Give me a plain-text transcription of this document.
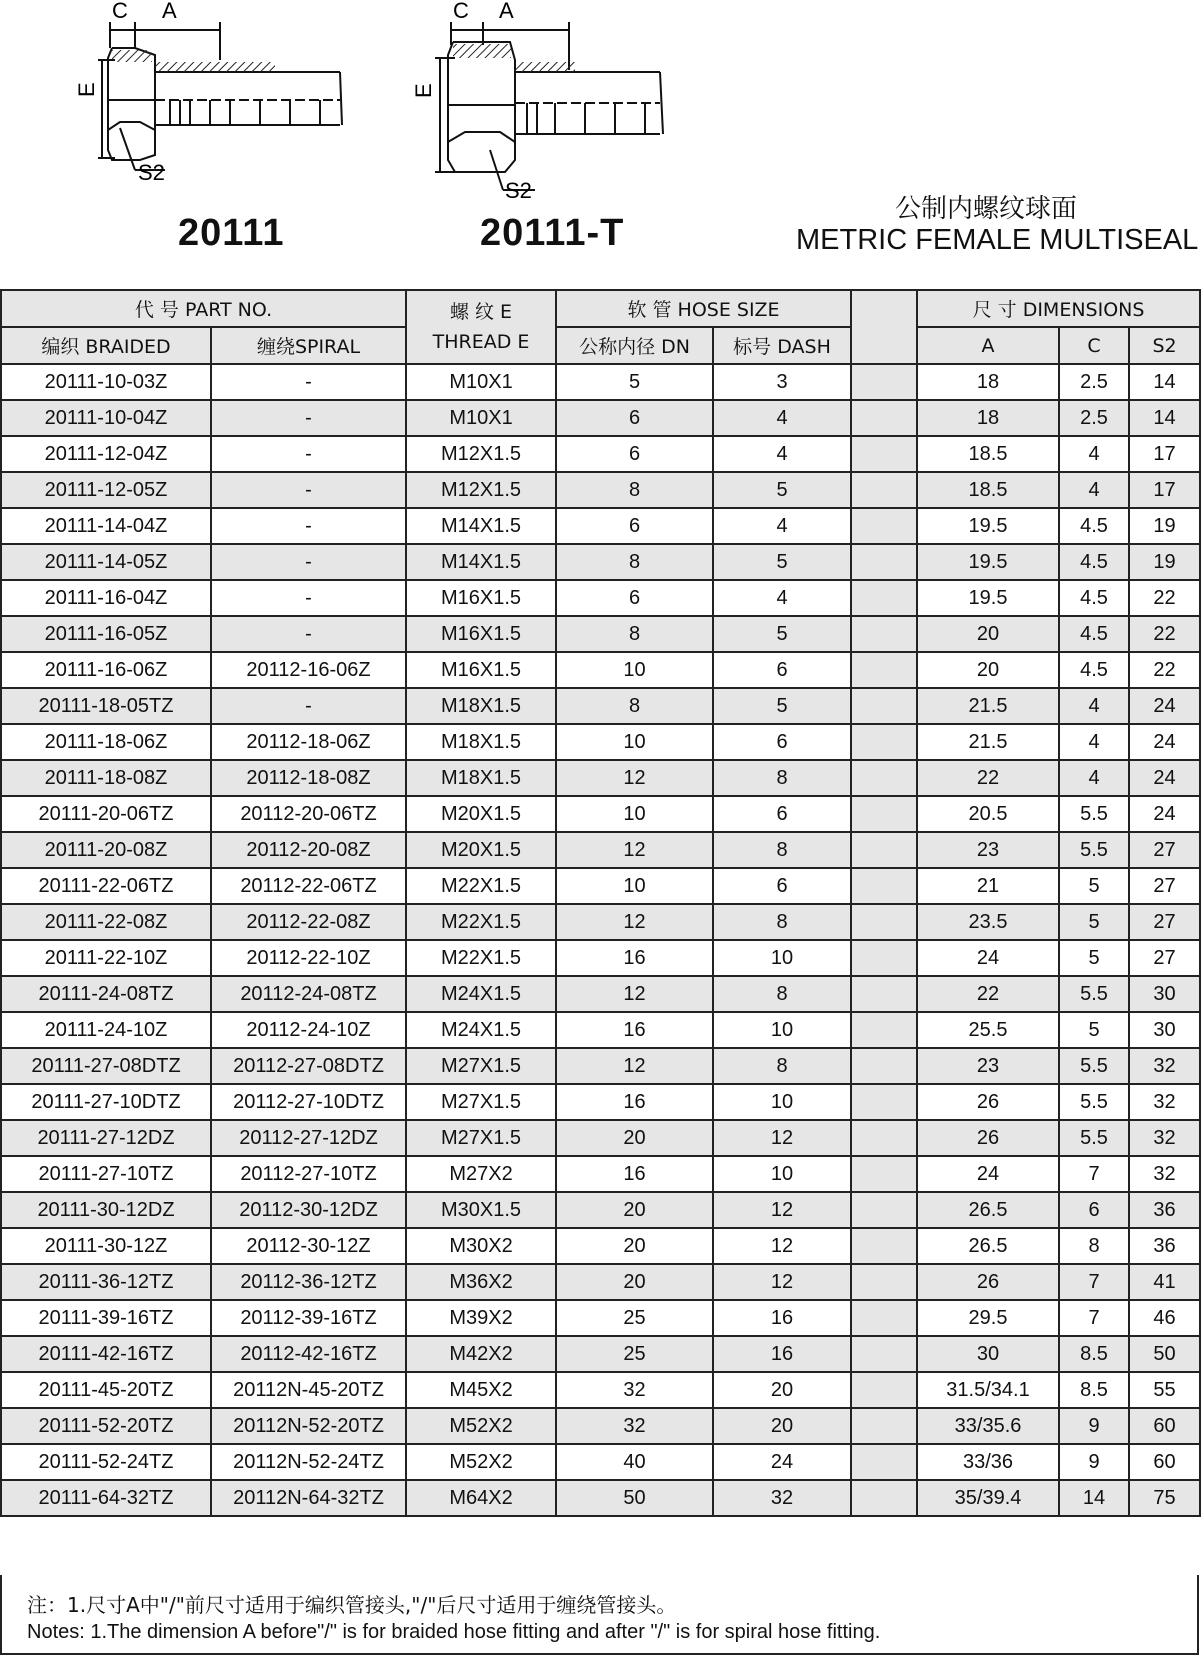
C A
E
S2
C A
E
S2
20111	20111-T
公制内螺纹球面
METRIC FEMALE MULTISEAL
代 号 PART NO.		螺 纹 E
THREAD E	软 管 HOSE SIZE			尺 寸 DIMENSIONS		
编织 BRAIDED	缠绕SPIRAL		公称内径 DN	标号 DASH		A	C	S2
20111-10-03Z	-	M10X1	5	3		18	2.5	14
20111-10-04Z	-	M10X1	6	4		18	2.5	14
20111-12-04Z	-	M12X1.5	6	4		18.5	4	17
20111-12-05Z	-	M12X1.5	8	5		18.5	4	17
20111-14-04Z	-	M14X1.5	6	4		19.5	4.5	19
20111-14-05Z	-	M14X1.5	8	5		19.5	4.5	19
20111-16-04Z	-	M16X1.5	6	4		19.5	4.5	22
20111-16-05Z	-	M16X1.5	8	5		20	4.5	22
20111-16-06Z	20112-16-06Z	M16X1.5	10	6		20	4.5	22
20111-18-05TZ	-	M18X1.5	8	5		21.5	4	24
20111-18-06Z	20112-18-06Z	M18X1.5	10	6		21.5	4	24
20111-18-08Z	20112-18-08Z	M18X1.5	12	8		22	4	24
20111-20-06TZ	20112-20-06TZ	M20X1.5	10	6		20.5	5.5	24
20111-20-08Z	20112-20-08Z	M20X1.5	12	8		23	5.5	27
20111-22-06TZ	20112-22-06TZ	M22X1.5	10	6		21	5	27
20111-22-08Z	20112-22-08Z	M22X1.5	12	8		23.5	5	27
20111-22-10Z	20112-22-10Z	M22X1.5	16	10		24	5	27
20111-24-08TZ	20112-24-08TZ	M24X1.5	12	8		22	5.5	30
20111-24-10Z	20112-24-10Z	M24X1.5	16	10		25.5	5	30
20111-27-08DTZ	20112-27-08DTZ	M27X1.5	12	8		23	5.5	32
20111-27-10DTZ	20112-27-10DTZ	M27X1.5	16	10		26	5.5	32
20111-27-12DZ	20112-27-12DZ	M27X1.5	20	12		26	5.5	32
20111-27-10TZ	20112-27-10TZ	M27X2	16	10		24	7	32
20111-30-12DZ	20112-30-12DZ	M30X1.5	20	12		26.5	6	36
20111-30-12Z	20112-30-12Z	M30X2	20	12		26.5	8	36
20111-36-12TZ	20112-36-12TZ	M36X2	20	12		26	7	41
20111-39-16TZ	20112-39-16TZ	M39X2	25	16		29.5	7	46
20111-42-16TZ	20112-42-16TZ	M42X2	25	16		30	8.5	50
20111-45-20TZ	20112N-45-20TZ	M45X2	32	20		31.5/34.1	8.5	55
20111-52-20TZ	20112N-52-20TZ	M52X2	32	20		33/35.6	9	60
20111-52-24TZ	20112N-52-24TZ	M52X2	40	24		33/36	9	60
20111-64-32TZ	20112N-64-32TZ	M64X2	50	32		35/39.4	14	75
注：1.尺寸A中"/"前尺寸适用于编织管接头,"/"后尺寸适用于缠绕管接头。
Notes: 1.The dimension A before"/" is for braided hose fitting and after "/" is for spiral hose fitting.
